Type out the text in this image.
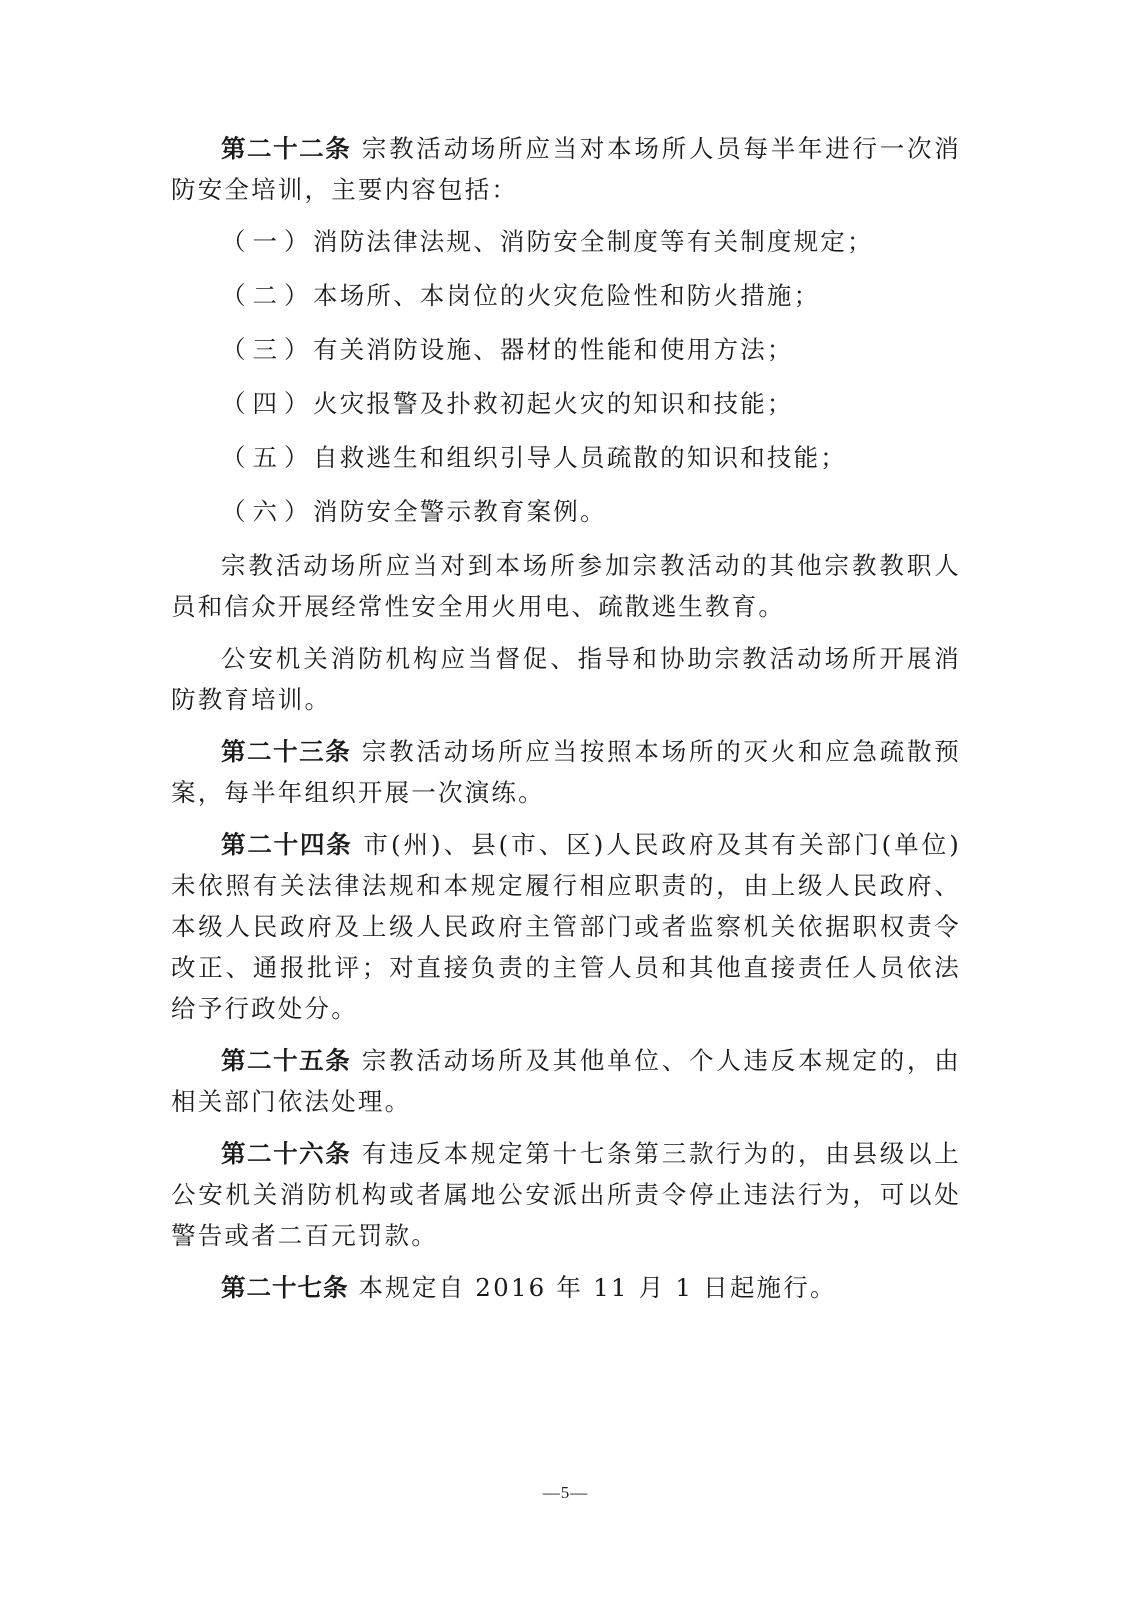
第二十二条 宗教活动场所应当对本场所人员每半年进行一次消防安全培训，主要内容包括：

（一）消防法律法规、消防安全制度等有关制度规定；
（二）本场所、本岗位的火灾危险性和防火措施；
（三）有关消防设施、器材的性能和使用方法；
（四）火灾报警及扑救初起火灾的知识和技能；
（五）自救逃生和组织引导人员疏散的知识和技能；
（六）消防安全警示教育案例。

宗教活动场所应当对到本场所参加宗教活动的其他宗教教职人员和信众开展经常性安全用火用电、疏散逃生教育。

公安机关消防机构应当督促、指导和协助宗教活动场所开展消防教育培训。

第二十三条 宗教活动场所应当按照本场所的灭火和应急疏散预案，每半年组织开展一次演练。

第二十四条 市(州)、县(市、区)人民政府及其有关部门(单位)未依照有关法律法规和本规定履行相应职责的，由上级人民政府、本级人民政府及上级人民政府主管部门或者监察机关依据职权责令改正、通报批评；对直接负责的主管人员和其他直接责任人员依法给予行政处分。

第二十五条 宗教活动场所及其他单位、个人违反本规定的，由相关部门依法处理。

第二十六条 有违反本规定第十七条第三款行为的，由县级以上公安机关消防机构或者属地公安派出所责令停止违法行为，可以处警告或者二百元罚款。

第二十七条 本规定自 2016 年 11 月 1 日起施行。

—5—
